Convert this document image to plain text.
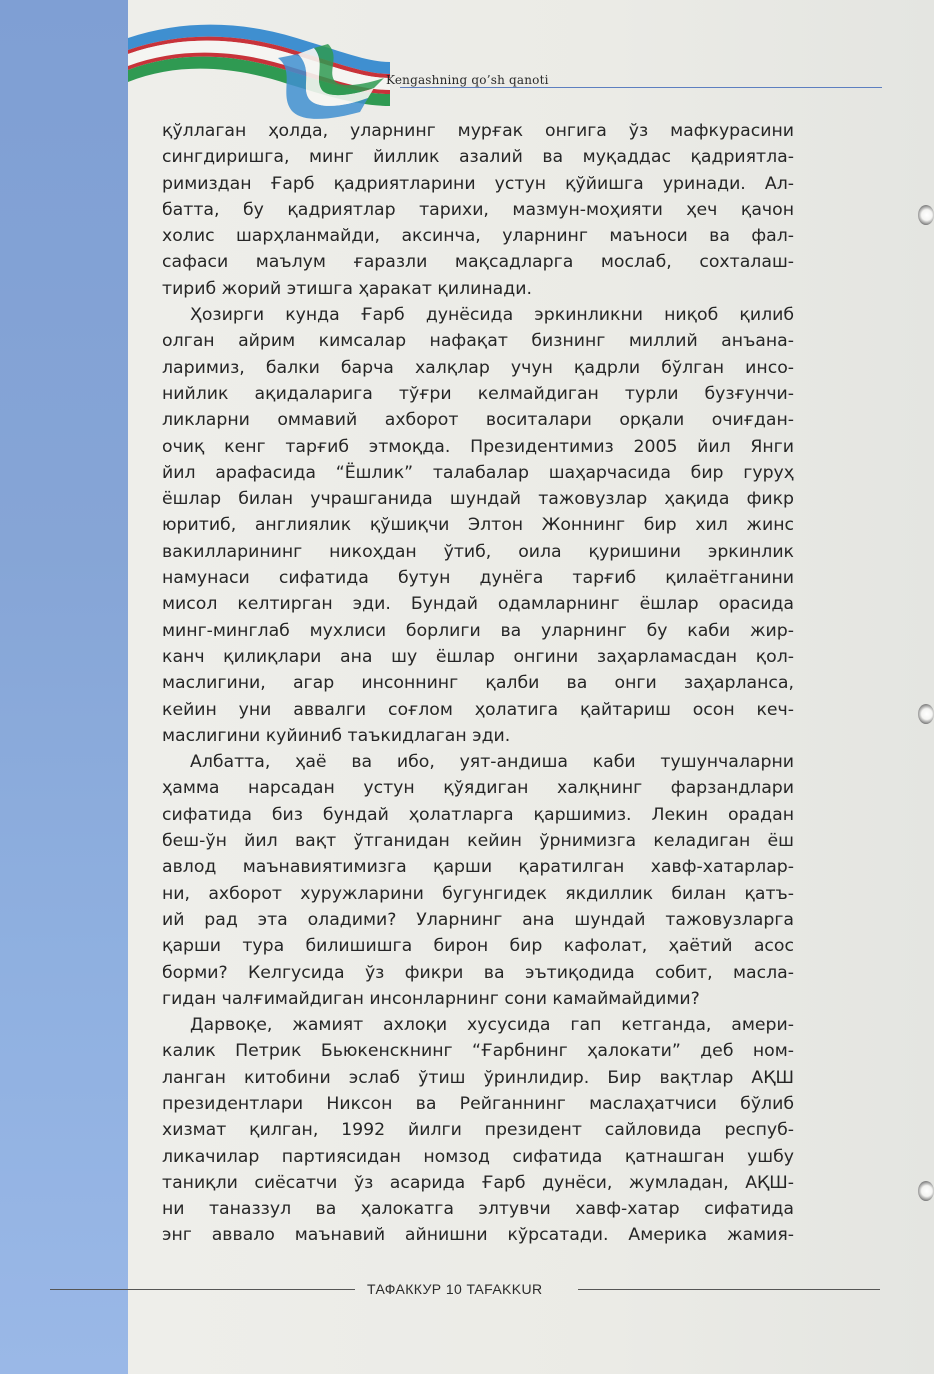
Kengashning qo’sh qanoti
қўллаган ҳолда, уларнинг мурғак онгига ўз мафкурасини
сингдиришга, минг йиллик азалий ва муқаддас қадриятла-
римиздан Ғарб қадриятларини устун қўйишга уринади. Ал-
батта, бу қадриятлар тарихи, мазмун-моҳияти ҳеч қачон
холис шарҳланмайди, аксинча, уларнинг маъноси ва фал-
сафаси маълум ғаразли мақсадларга мослаб, сохталаш-
тириб жорий этишга ҳаракат қилинади.
Ҳозирги кунда Ғарб дунёсида эркинликни ниқоб қилиб
олган айрим кимсалар нафақат бизнинг миллий анъана-
ларимиз, балки барча халқлар учун қадрли бўлган инсо-
нийлик ақидаларига тўғри келмайдиган турли бузғунчи-
ликларни оммавий ахборот воситалари орқали очиғдан-
очиқ кенг тарғиб этмоқда. Президентимиз 2005 йил Янги
йил арафасида “Ёшлик” талабалар шаҳарчасида бир гуруҳ
ёшлар билан учрашганида шундай тажовузлар ҳақида фикр
юритиб, англиялик қўшиқчи Элтон Жоннинг бир хил жинс
вакилларининг никоҳдан ўтиб, оила қуришини эркинлик
намунаси сифатида бутун дунёга тарғиб қилаётганини
мисол келтирган эди. Бундай одамларнинг ёшлар орасида
минг-минглаб мухлиси борлиги ва уларнинг бу каби жир-
канч қилиқлари ана шу ёшлар онгини заҳарламасдан қол-
маслигини, агар инсоннинг қалби ва онги заҳарланса,
кейин уни аввалги соғлом ҳолатига қайтариш осон кеч-
маслигини куйиниб таъкидлаган эди.
Албатта, ҳаё ва ибо, уят-андиша каби тушунчаларни
ҳамма нарсадан устун қўядиган халқнинг фарзандлари
сифатида биз бундай ҳолатларга қаршимиз. Лекин орадан
беш-ўн йил вақт ўтганидан кейин ўрнимизга келадиган ёш
авлод маънавиятимизга қарши қаратилган хавф-хатарлар-
ни, ахборот хуружларини бугунгидек якдиллик билан қатъ-
ий рад эта оладими? Уларнинг ана шундай тажовузларга
қарши тура билишишга бирон бир кафолат, ҳаётий асос
борми? Келгусида ўз фикри ва эътиқодида собит, масла-
гидан чалғимайдиган инсонларнинг сони камаймайдими?
Дарвоқе, жамият ахлоқи хусусида гап кетганда, амери-
калик Петрик Бьюкенскнинг “Ғарбнинг ҳалокати” деб ном-
ланган китобини эслаб ўтиш ўринлидир. Бир вақтлар АҚШ
президентлари Никсон ва Рейганнинг маслаҳатчиси бўлиб
хизмат қилган, 1992 йилги президент сайловида респуб-
ликачилар партиясидан номзод сифатида қатнашган ушбу
таниқли сиёсатчи ўз асарида Ғарб дунёси, жумладан, АҚШ-
ни таназзул ва ҳалокатга элтувчи хавф-хатар сифатида
энг аввало маънавий айнишни кўрсатади. Америка жамия-
ТАФАККУР 10 TAFAKKUR
